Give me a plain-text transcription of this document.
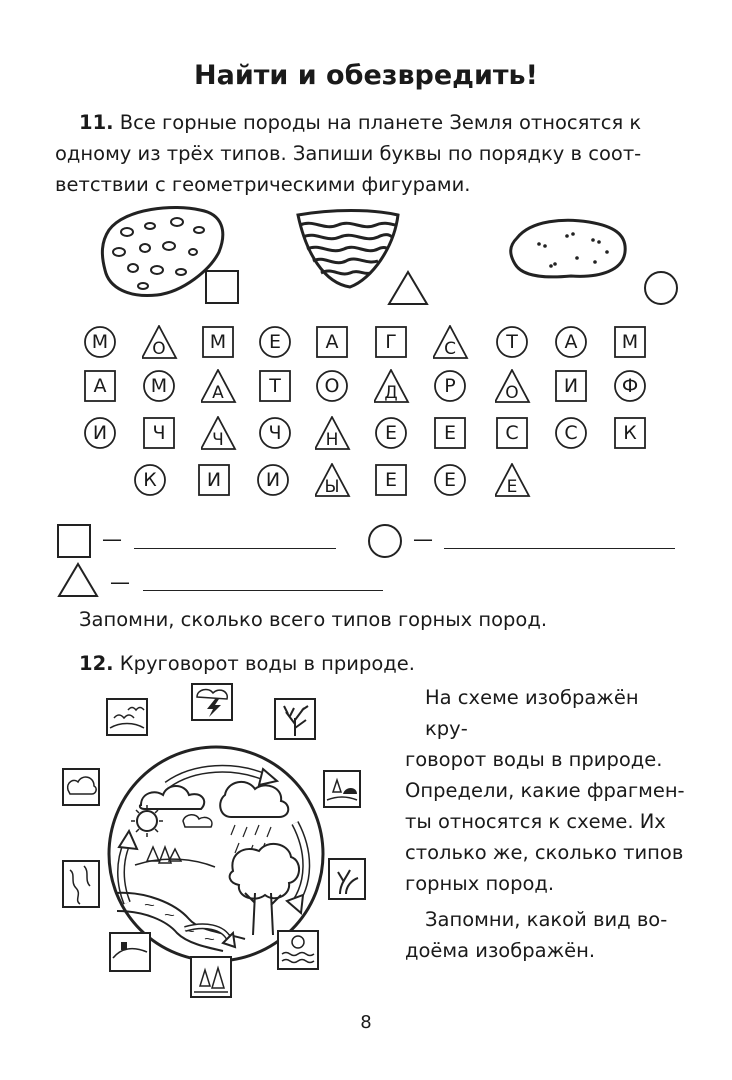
Найти и обезвредить!
11. Все горные породы на планете Земля относятся к
одному из трёх типов. Запиши буквы по порядку в соот-
ветствии с геометрическими фигурами.
М	О	М	Е	А	Г	С	Т	А	М
А	М	А	Т	О	Д	Р	О	И	Ф
И	Ч	Ч	Ч	Н	Е	Е	С	С	К
К	И	И	Ы	Е	Е	Е
—	—
—
Запомни, сколько всего типов горных пород.
12. Круговорот воды в природе.
На схеме изображён кру-
говорот воды в природе.
Определи, какие фрагмен-
ты относятся к схеме. Их
столько же, сколько типов
горных пород.
Запомни, какой вид во-
доёма изображён.
8
